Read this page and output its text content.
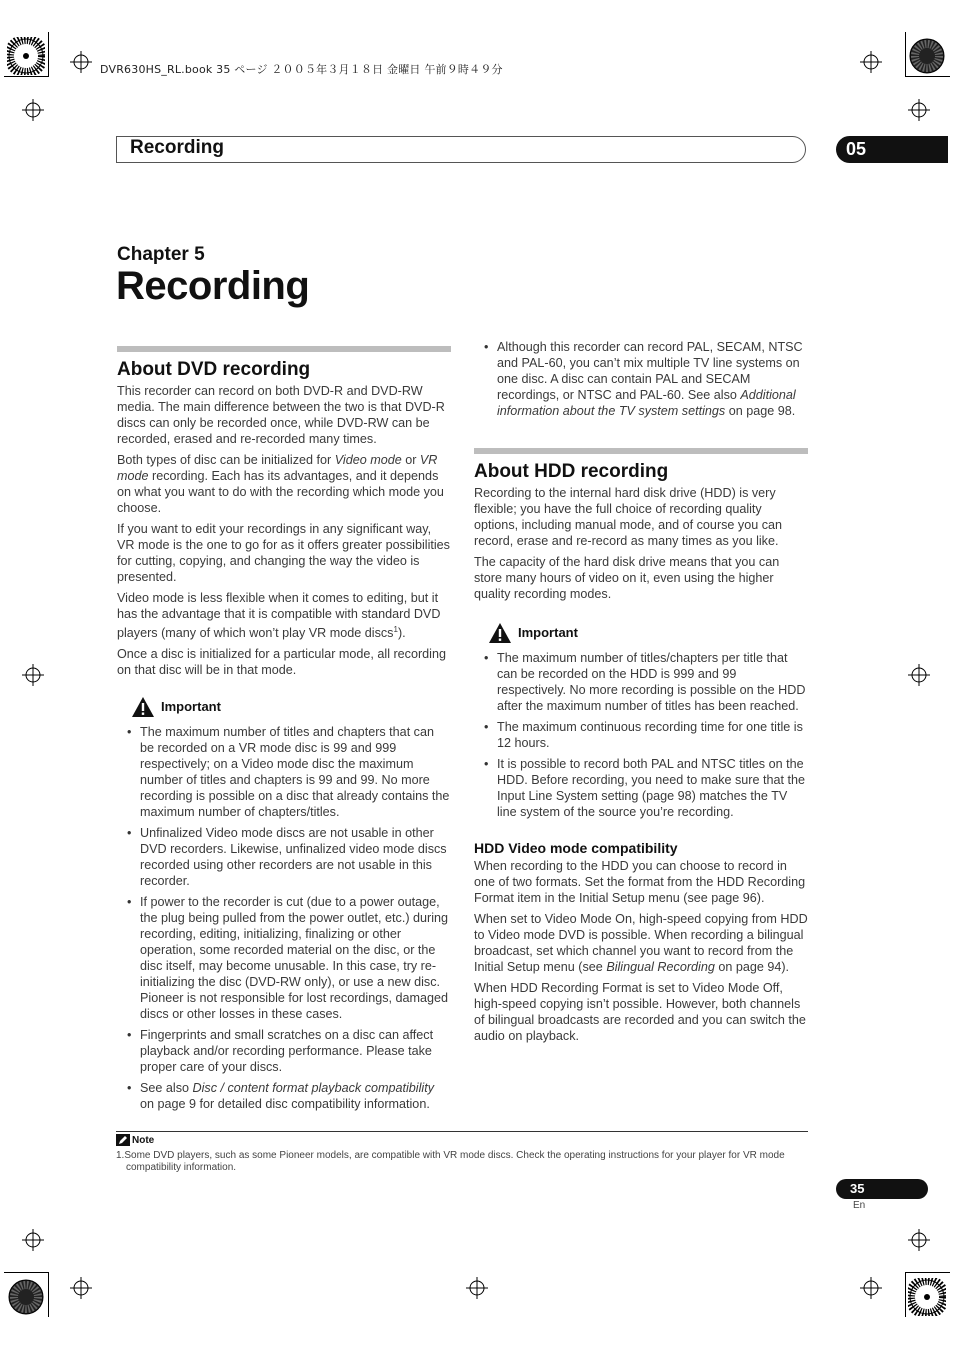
DVR630HS_RL.book 35 ページ ２００５年３月１８日 金曜日 午前９時４９分
Recording	05
Chapter 5
Recording
About DVD recording

This recorder can record on both DVD-R and DVD-RW media. The main difference between the two is that DVD-R discs can only be recorded once, while DVD-RW can be recorded, erased and re-recorded many times.

Both types of disc can be initialized for Video mode or VR mode recording. Each has its advantages, and it depends on what you want to do with the recording which mode you choose.

If you want to edit your recordings in any significant way, VR mode is the one to go for as it offers greater possibilities for cutting, copying, and changing the way the video is presented.

Video mode is less flexible when it comes to editing, but it has the advantage that it is compatible with standard DVD players (many of which won’t play VR mode discs$^1$).

Once a disc is initialized for a particular mode, all recording on that disc will be in that mode.

Important
• The maximum number of titles and chapters that can be recorded on a VR mode disc is 99 and 999 respectively; on a Video mode disc the maximum number of titles and chapters is 99 and 99. No more recording is possible on a disc that already contains the maximum number of chapters/titles.
• Unfinalized Video mode discs are not usable in other DVD recorders. Likewise, unfinalized video mode discs recorded using other recorders are not usable in this recorder.
• If power to the recorder is cut (due to a power outage, the plug being pulled from the power outlet, etc.) during recording, editing, initializing, finalizing or other operation, some recorded material on the disc, or the disc itself, may become unusable. In this case, try re-initializing the disc (DVD-RW only), or use a new disc. Pioneer is not responsible for lost recordings, damaged discs or other losses in these cases.
• Fingerprints and small scratches on a disc can affect playback and/or recording performance. Please take proper care of your discs.
• See also Disc / content format playback compatibility on page 9 for detailed disc compatibility information.
• Although this recorder can record PAL, SECAM, NTSC and PAL-60, you can’t mix multiple TV line systems on one disc. A disc can contain PAL and SECAM recordings, or NTSC and PAL-60. See also Additional information about the TV system settings on page 98.
About HDD recording

Recording to the internal hard disk drive (HDD) is very flexible; you have the full choice of recording quality options, including manual mode, and of course you can record, erase and re-record as many times as you like.

The capacity of the hard disk drive means that you can store many hours of video on it, even using the higher quality recording modes.

Important
• The maximum number of titles/chapters per title that can be recorded on the HDD is 999 and 99 respectively. No more recording is possible on the HDD after the maximum number of titles has been reached.
• The maximum continuous recording time for one title is 12 hours.
• It is possible to record both PAL and NTSC titles on the HDD. Before recording, you need to make sure that the Input Line System setting (page 98) matches the TV line system of the source you’re recording.
HDD Video mode compatibility

When recording to the HDD you can choose to record in one of two formats. Set the format from the HDD Recording Format item in the Initial Setup menu (see page 96).

When set to Video Mode On, high-speed copying from HDD to Video mode DVD is possible. When recording a bilingual broadcast, set which channel you want to record from the Initial Setup menu (see Bilingual Recording on page 94).

When HDD Recording Format is set to Video Mode Off, high-speed copying isn’t possible. However, both channels of bilingual broadcasts are recorded and you can switch the audio on playback.

Note
1.Some DVD players, such as some Pioneer models, are compatible with VR mode discs. Check the operating instructions for your player for VR mode compatibility information.
35
En
